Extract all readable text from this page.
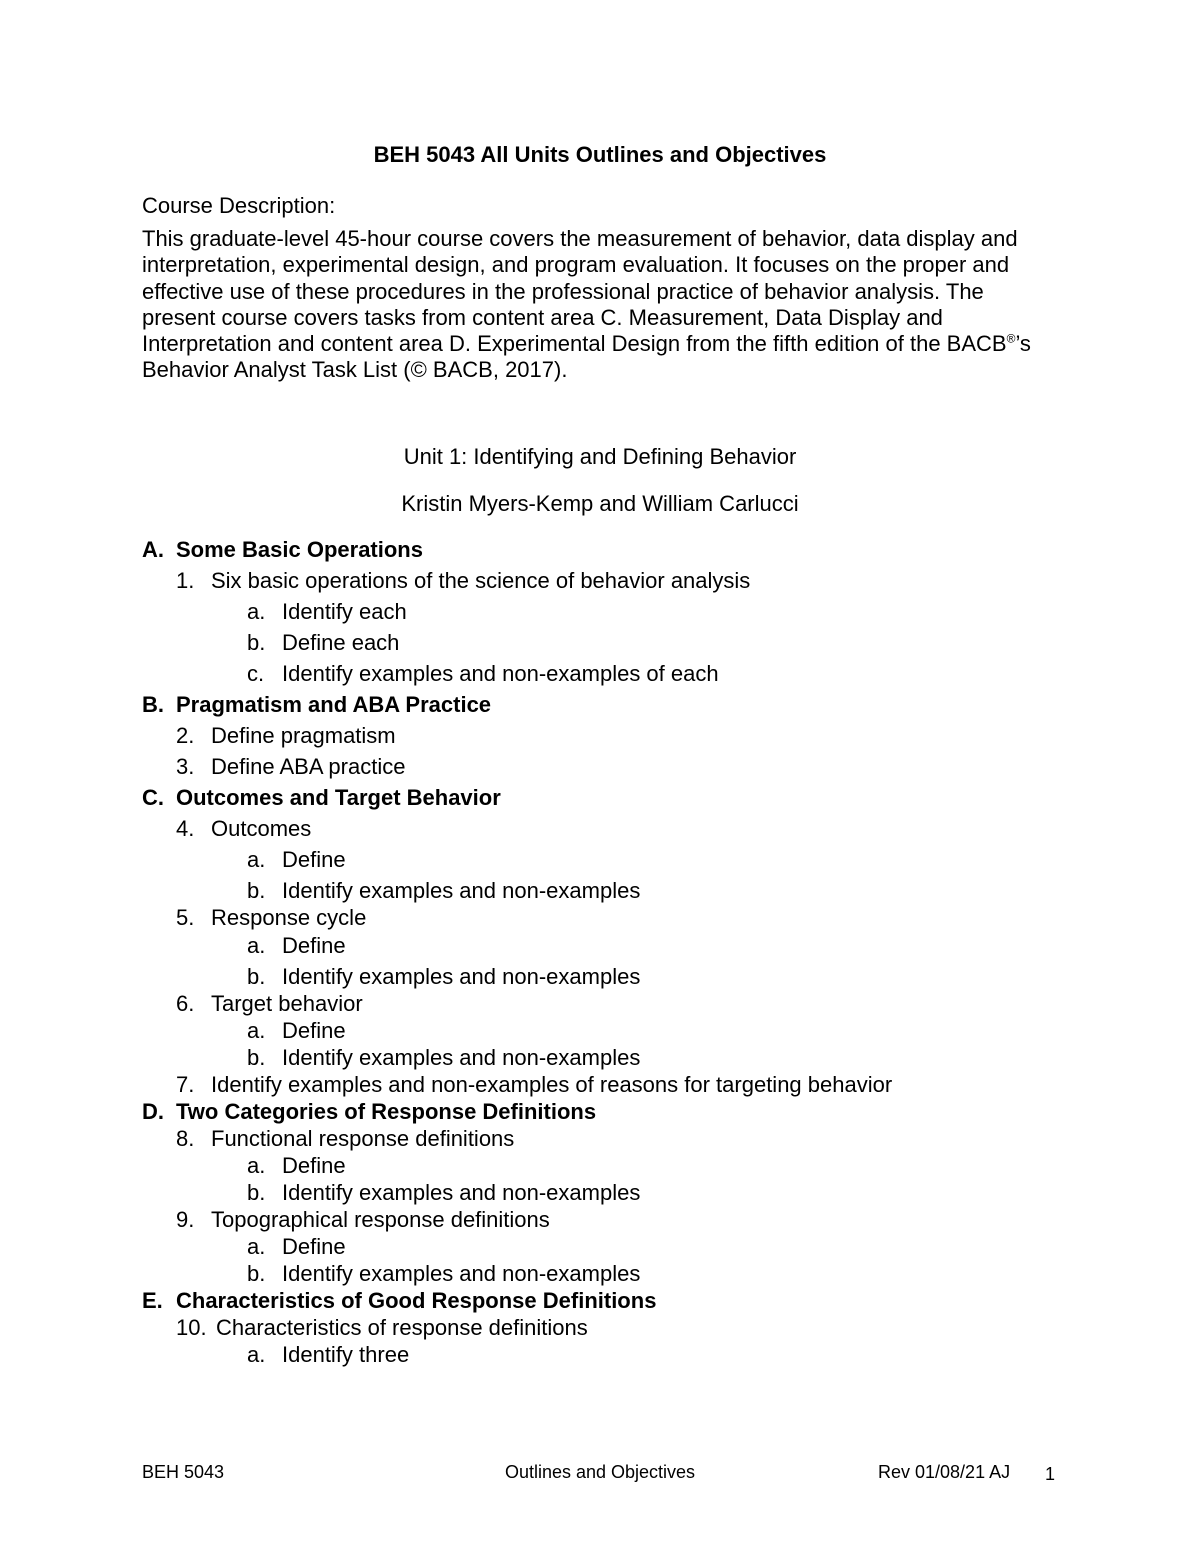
BEH 5043 All Units Outlines and Objectives
Course Description:

This graduate-level 45-hour course covers the measurement of behavior, data display and interpretation, experimental design, and program evaluation. It focuses on the proper and effective use of these procedures in the professional practice of behavior analysis. The present course covers tasks from content area C. Measurement, Data Display and Interpretation and content area D. Experimental Design from the fifth edition of the BACB®’s Behavior Analyst Task List (© BACB, 2017).

Unit 1: Identifying and Defining Behavior
Kristin Myers-Kemp and William Carlucci
A. Some Basic Operations
1. Six basic operations of the science of behavior analysis
a. Identify each
b. Define each
c. Identify examples and non-examples of each
B. Pragmatism and ABA Practice
2. Define pragmatism
3. Define ABA practice
C. Outcomes and Target Behavior
4. Outcomes
a. Define
b. Identify examples and non-examples
5. Response cycle
a. Define
b. Identify examples and non-examples
6. Target behavior
a. Define
b. Identify examples and non-examples
7. Identify examples and non-examples of reasons for targeting behavior
D. Two Categories of Response Definitions
8. Functional response definitions
a. Define
b. Identify examples and non-examples
9. Topographical response definitions
a. Define
b. Identify examples and non-examples
E. Characteristics of Good Response Definitions
10. Characteristics of response definitions
a. Identify three
BEH 5043	Outlines and Objectives	Rev 01/08/21 AJ 1
